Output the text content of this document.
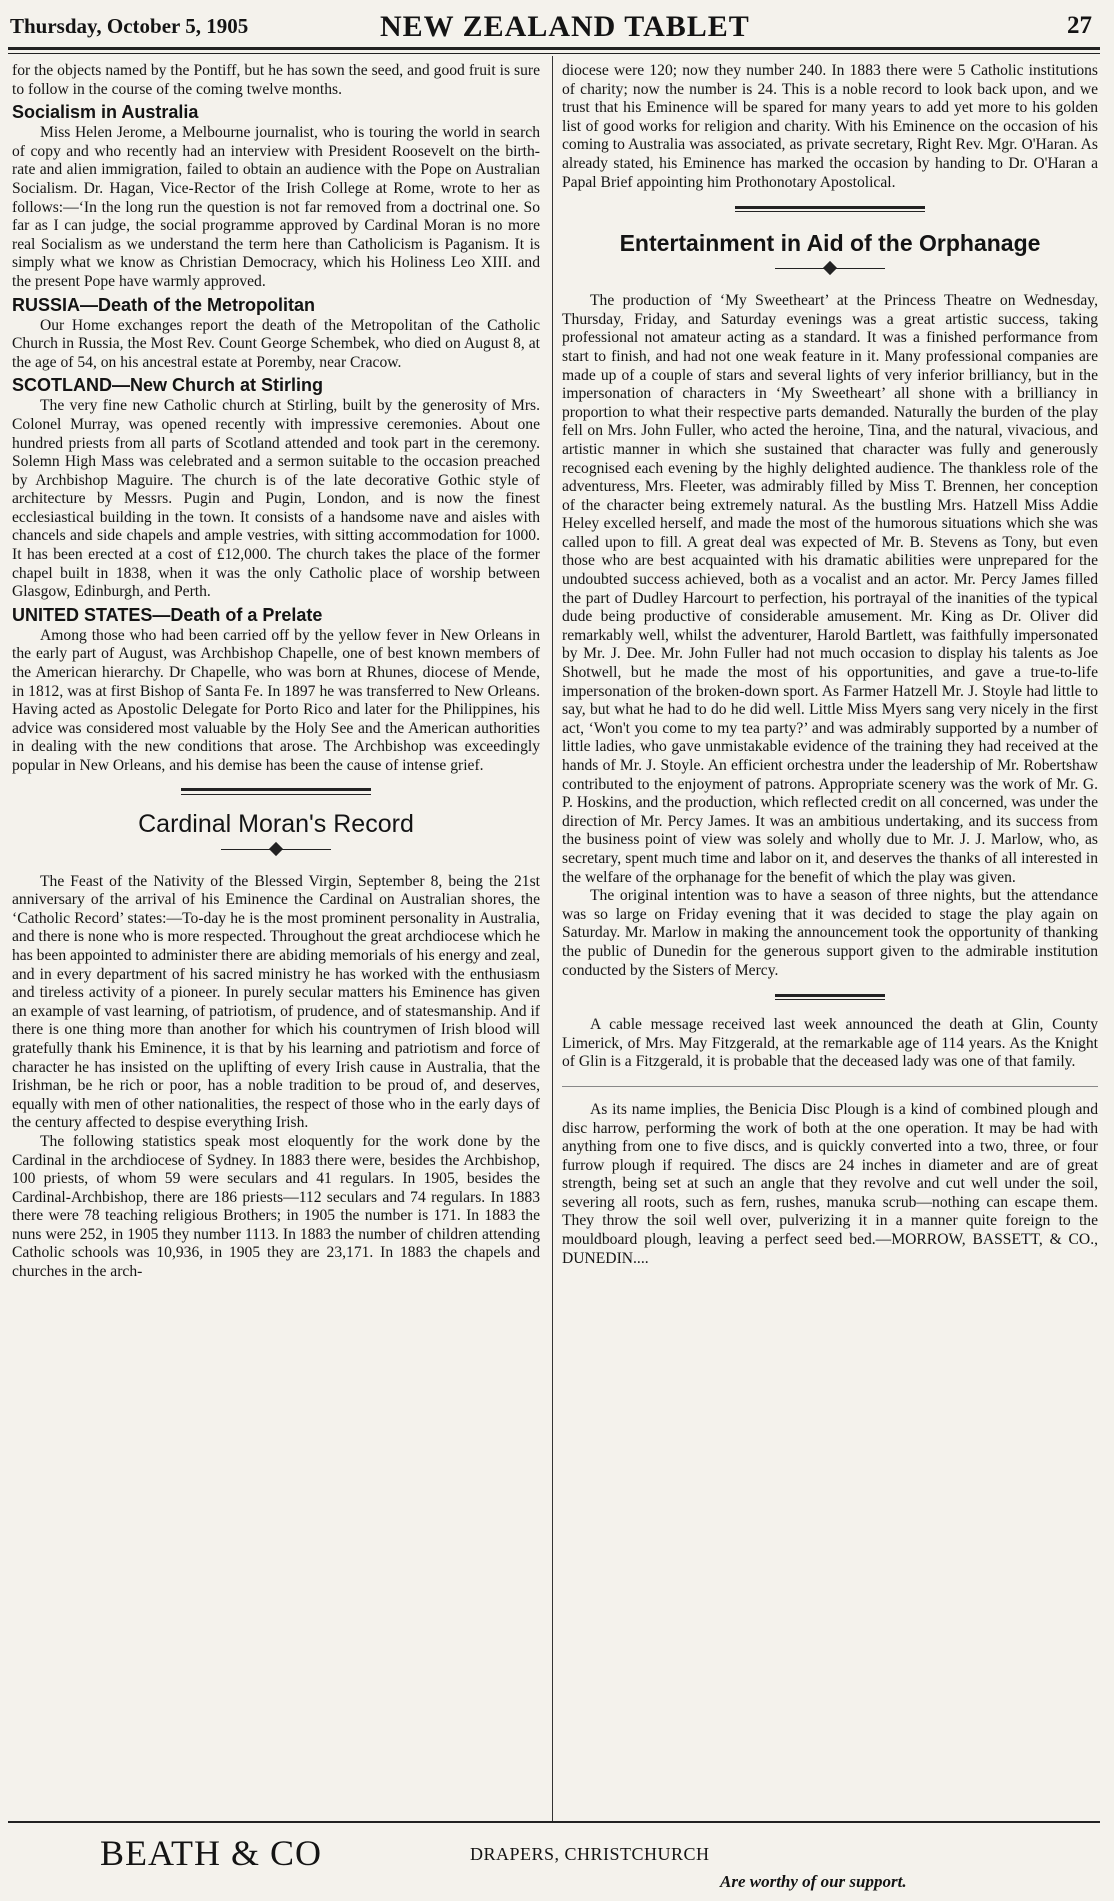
Thursday, October 5, 1905	NEW ZEALAND TABLET	27

for the objects named by the Pontiff, but he has sown the seed, and good fruit is sure to follow in the course of the coming twelve months.

Socialism in Australia

Miss Helen Jerome, a Melbourne journalist, who is touring the world in search of copy and who recently had an interview with President Roosevelt on the birth-rate and alien immigration, failed to obtain an audience with the Pope on Australian Socialism. Dr. Hagan, Vice-Rector of the Irish College at Rome, wrote to her as follows:—‘In the long run the question is not far removed from a doctrinal one. So far as I can judge, the social programme approved by Cardinal Moran is no more real Socialism as we understand the term here than Catholicism is Paganism. It is simply what we know as Christian Democracy, which his Holiness Leo XIII. and the present Pope have warmly approved.

RUSSIA—Death of the Metropolitan

Our Home exchanges report the death of the Metropolitan of the Catholic Church in Russia, the Most Rev. Count George Schembek, who died on August 8, at the age of 54, on his ancestral estate at Poremby, near Cracow.

SCOTLAND—New Church at Stirling

The very fine new Catholic church at Stirling, built by the generosity of Mrs. Colonel Murray, was opened recently with impressive ceremonies. About one hundred priests from all parts of Scotland attended and took part in the ceremony. Solemn High Mass was celebrated and a sermon suitable to the occasion preached by Archbishop Maguire. The church is of the late decorative Gothic style of architecture by Messrs. Pugin and Pugin, London, and is now the finest ecclesiastical building in the town. It consists of a handsome nave and aisles with chancels and side chapels and ample vestries, with sitting accommodation for 1000. It has been erected at a cost of £12,000. The church takes the place of the former chapel built in 1838, when it was the only Catholic place of worship between Glasgow, Edinburgh, and Perth.

UNITED STATES—Death of a Prelate

Among those who had been carried off by the yellow fever in New Orleans in the early part of August, was Archbishop Chapelle, one of best known members of the American hierarchy. Dr Chapelle, who was born at Rhunes, diocese of Mende, in 1812, was at first Bishop of Santa Fe. In 1897 he was transferred to New Orleans. Having acted as Apostolic Delegate for Porto Rico and later for the Philippines, his advice was considered most valuable by the Holy See and the American authorities in dealing with the new conditions that arose. The Archbishop was exceedingly popular in New Orleans, and his demise has been the cause of intense grief.

Cardinal Moran's Record

The Feast of the Nativity of the Blessed Virgin, September 8, being the 21st anniversary of the arrival of his Eminence the Cardinal on Australian shores, the ‘Catholic Record’ states:—To-day he is the most prominent personality in Australia, and there is none who is more respected. Throughout the great archdiocese which he has been appointed to administer there are abiding memorials of his energy and zeal, and in every department of his sacred ministry he has worked with the enthusiasm and tireless activity of a pioneer. In purely secular matters his Eminence has given an example of vast learning, of patriotism, of prudence, and of statesmanship. And if there is one thing more than another for which his countrymen of Irish blood will gratefully thank his Eminence, it is that by his learning and patriotism and force of character he has insisted on the uplifting of every Irish cause in Australia, that the Irishman, be he rich or poor, has a noble tradition to be proud of, and deserves, equally with men of other nationalities, the respect of those who in the early days of the century affected to despise everything Irish.

The following statistics speak most eloquently for the work done by the Cardinal in the archdiocese of Sydney. In 1883 there were, besides the Archbishop, 100 priests, of whom 59 were seculars and 41 regulars. In 1905, besides the Cardinal-Archbishop, there are 186 priests—112 seculars and 74 regulars. In 1883 there were 78 teaching religious Brothers; in 1905 the number is 171. In 1883 the nuns were 252, in 1905 they number 1113. In 1883 the number of children attending Catholic schools was 10,936, in 1905 they are 23,171. In 1883 the chapels and churches in the arch-

diocese were 120; now they number 240. In 1883 there were 5 Catholic institutions of charity; now the number is 24. This is a noble record to look back upon, and we trust that his Eminence will be spared for many years to add yet more to his golden list of good works for religion and charity. With his Eminence on the occasion of his coming to Australia was associated, as private secretary, Right Rev. Mgr. O'Haran. As already stated, his Eminence has marked the occasion by handing to Dr. O'Haran a Papal Brief appointing him Prothonotary Apostolical.

Entertainment in Aid of the Orphanage

The production of ‘My Sweetheart’ at the Princess Theatre on Wednesday, Thursday, Friday, and Saturday evenings was a great artistic success, taking professional not amateur acting as a standard. It was a finished performance from start to finish, and had not one weak feature in it. Many professional companies are made up of a couple of stars and several lights of very inferior brilliancy, but in the impersonation of characters in ‘My Sweetheart’ all shone with a brilliancy in proportion to what their respective parts demanded. Naturally the burden of the play fell on Mrs. John Fuller, who acted the heroine, Tina, and the natural, vivacious, and artistic manner in which she sustained that character was fully and generously recognised each evening by the highly delighted audience. The thankless role of the adventuress, Mrs. Fleeter, was admirably filled by Miss T. Brennen, her conception of the character being extremely natural. As the bustling Mrs. Hatzell Miss Addie Heley excelled herself, and made the most of the humorous situations which she was called upon to fill. A great deal was expected of Mr. B. Stevens as Tony, but even those who are best acquainted with his dramatic abilities were unprepared for the undoubted success achieved, both as a vocalist and an actor. Mr. Percy James filled the part of Dudley Harcourt to perfection, his portrayal of the inanities of the typical dude being productive of considerable amusement. Mr. King as Dr. Oliver did remarkably well, whilst the adventurer, Harold Bartlett, was faithfully impersonated by Mr. J. Dee. Mr. John Fuller had not much occasion to display his talents as Joe Shotwell, but he made the most of his opportunities, and gave a true-to-life impersonation of the broken-down sport. As Farmer Hatzell Mr. J. Stoyle had little to say, but what he had to do he did well. Little Miss Myers sang very nicely in the first act, ‘Won't you come to my tea party?’ and was admirably supported by a number of little ladies, who gave unmistakable evidence of the training they had received at the hands of Mr. J. Stoyle. An efficient orchestra under the leadership of Mr. Robertshaw contributed to the enjoyment of patrons. Appropriate scenery was the work of Mr. G. P. Hoskins, and the production, which reflected credit on all concerned, was under the direction of Mr. Percy James. It was an ambitious undertaking, and its success from the business point of view was solely and wholly due to Mr. J. J. Marlow, who, as secretary, spent much time and labor on it, and deserves the thanks of all interested in the welfare of the orphanage for the benefit of which the play was given.

The original intention was to have a season of three nights, but the attendance was so large on Friday evening that it was decided to stage the play again on Saturday. Mr. Marlow in making the announcement took the opportunity of thanking the public of Dunedin for the generous support given to the admirable institution conducted by the Sisters of Mercy.

A cable message received last week announced the death at Glin, County Limerick, of Mrs. May Fitzgerald, at the remarkable age of 114 years. As the Knight of Glin is a Fitzgerald, it is probable that the deceased lady was one of that family.

As its name implies, the Benicia Disc Plough is a kind of combined plough and disc harrow, performing the work of both at the one operation. It may be had with anything from one to five discs, and is quickly converted into a two, three, or four furrow plough if required. The discs are 24 inches in diameter and are of great strength, being set at such an angle that they revolve and cut well under the soil, severing all roots, such as fern, rushes, manuka scrub—nothing can escape them. They throw the soil well over, pulverizing it in a manner quite foreign to the mouldboard plough, leaving a perfect seed bed.—MORROW, BASSETT, & CO., DUNEDIN....

BEATH & CO	DRAPERS, CHRISTCHURCH
Are worthy of our support.
